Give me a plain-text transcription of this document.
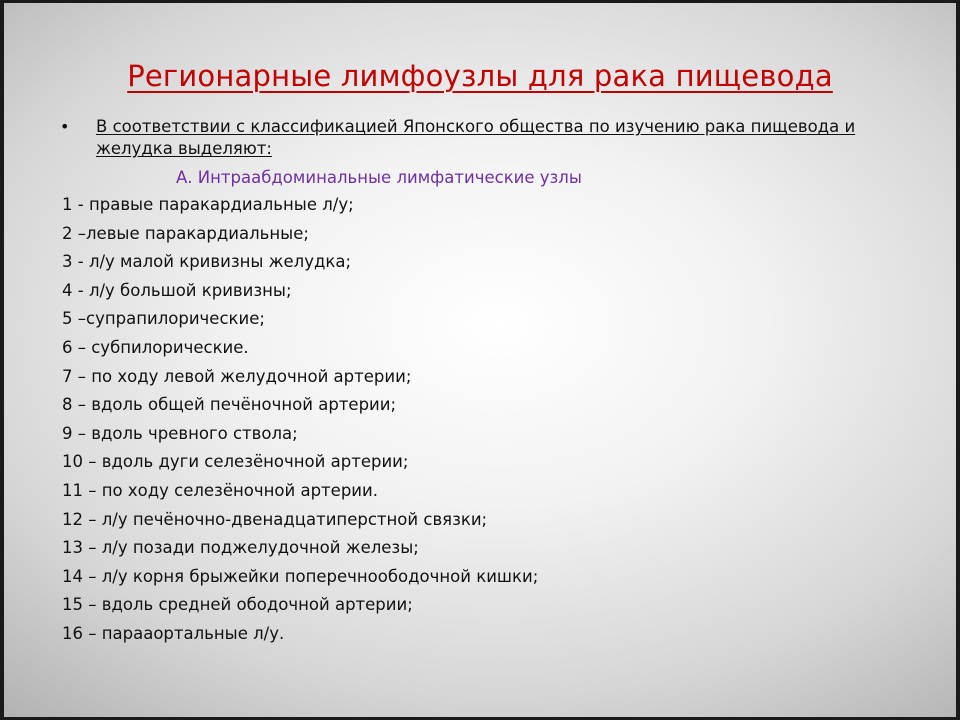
Регионарные лимфоузлы для рака пищевода
• В соответствии с классификацией Японского общества по изучению рака пищевода и желудка выделяют:
А. Интраабдоминальные лимфатические узлы
1 - правые паракардиальные л/у;
2 –левые паракардиальные;
3 - л/у малой кривизны желудка;
4 - л/у большой кривизны;
5 –супрапилорические;
6 – субпилорические.
7 – по ходу левой желудочной артерии;
8 – вдоль общей печёночной артерии;
9 – вдоль чревного ствола;
10 – вдоль дуги селезёночной артерии;
11 – по ходу селезёночной артерии.
12 – л/у печёночно-двенадцатиперстной связки;
13 – л/у позади поджелудочной железы;
14 – л/у корня брыжейки поперечноободочной кишки;
15 – вдоль средней ободочной артерии;
16 – парааортальные л/у.
